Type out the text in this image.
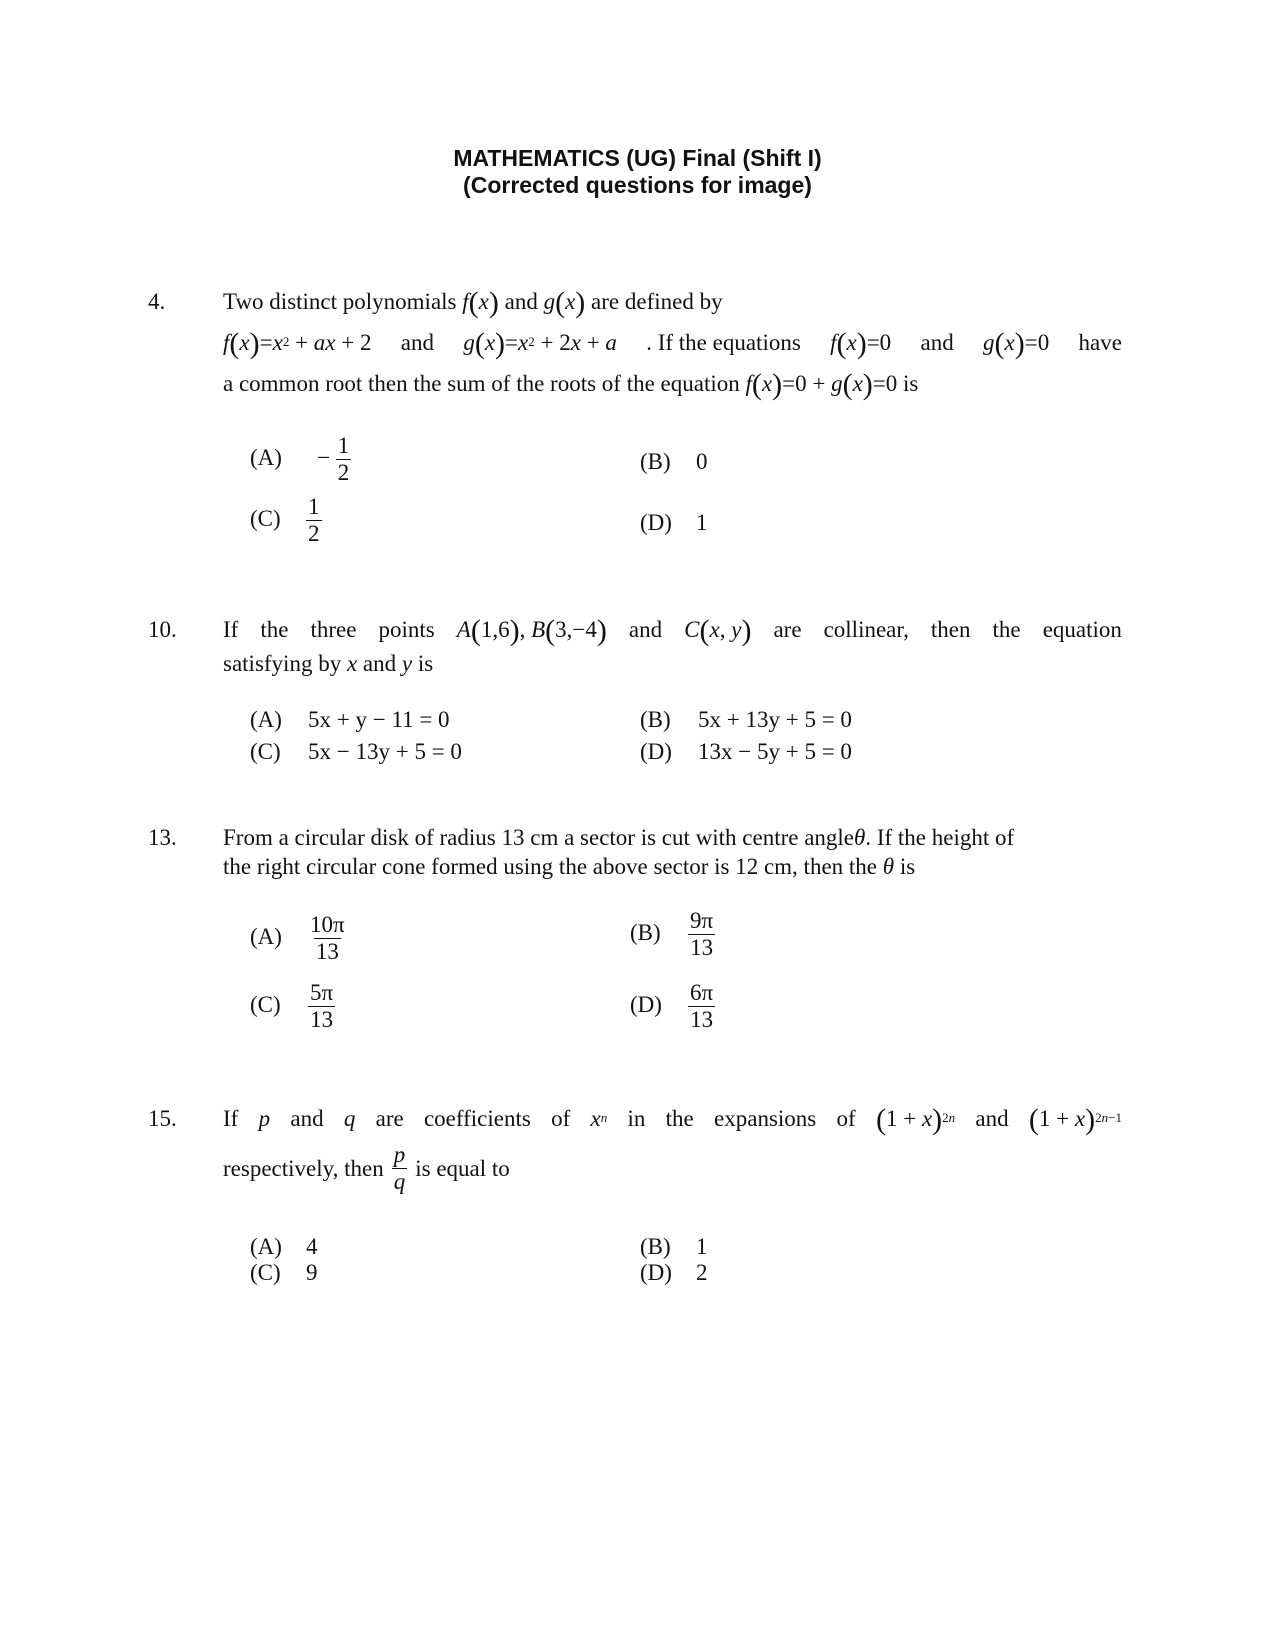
MATHEMATICS (UG) Final (Shift I)
(Corrected questions for image)
4.	Two distinct polynomials f(x) and g(x) are defined by
$f(x)=x^2$ + ax + 2 and $g(x)=x^2 + 2x + a$ . If the equations f(x)=0 and g(x)=0 have
a common root then the sum of the roots of the equation f(x)=0 + g(x)=0 is
$(A) - \frac{1}{2}$	(B) 0
$(C) \frac{1}{2}$	(D) 1
10. If the three points A(1,6), B(3,−4) and C(x, y) are collinear, then the equation
satisfying by x and y is
(A) 5x + y − 11 = 0	(B) 5x + 13y + 5 = 0
(C) 5x − 13y + 5 = 0	(D) 13x − 5y + 5 = 0
13. From a circular disk of radius 13 cm a sector is cut with centre angleθ. If the height of
the right circular cone formed using the above sector is 12 cm, then the θ is
$(A) \frac{10\pi}{13}$	$(B) \frac{9\pi}{13}$
$(C) \frac{5\pi}{13}$	$(D) \frac{6\pi}{13}$
15. If p and q are coefficients of $x^n$ in the expansions of $(1 + x)^{2n}$ and $(1 + x)^{2n-1}$
respectively, then $\frac{p}{q}$ is equal to
(A) 4	(B) 1
(C) 9	(D) 2
